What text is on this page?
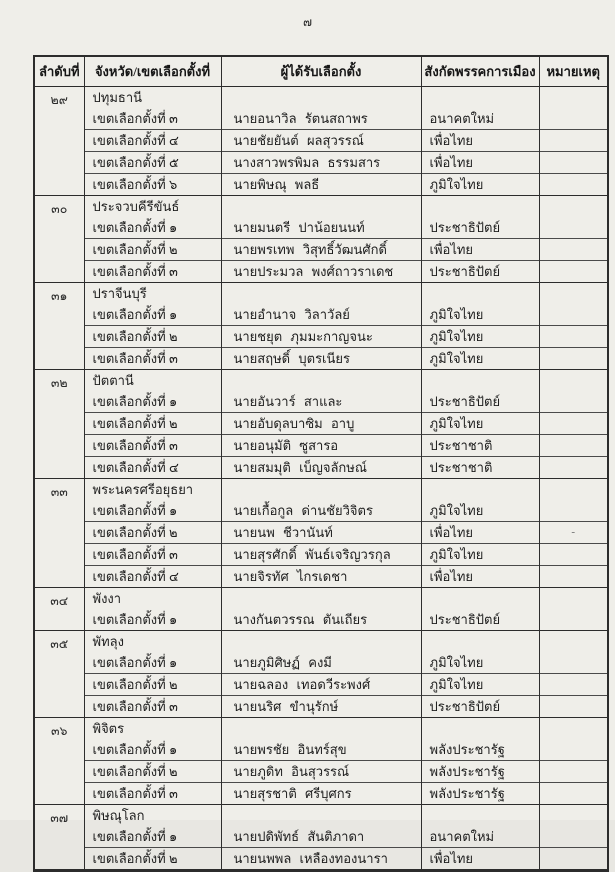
๗
ลำดับที่	จังหวัด/เขตเลือกตั้งที่	ผู้ได้รับเลือกตั้ง	สังกัดพรรคการเมือง	หมายเหตุ
๒๙	ปทุมธานี			
	เขตเลือกตั้งที่ ๓	นายอนาวิล รัตนสถาพร	อนาคตใหม่	
	เขตเลือกตั้งที่ ๔	นายชัยยันต์ ผลสุวรรณ์	เพื่อไทย	
	เขตเลือกตั้งที่ ๕	นางสาวพรพิมล ธรรมสาร	เพื่อไทย	
	เขตเลือกตั้งที่ ๖	นายพิษณุ พลธี	ภูมิใจไทย	
๓๐	ประจวบคีรีขันธ์			
	เขตเลือกตั้งที่ ๑	นายมนตรี ปาน้อยนนท์	ประชาธิปัตย์	
	เขตเลือกตั้งที่ ๒	นายพรเทพ วิสุทธิ์วัฒนศักดิ์	เพื่อไทย	
	เขตเลือกตั้งที่ ๓	นายประมวล พงศ์ถาวราเดช	ประชาธิปัตย์	
๓๑	ปราจีนบุรี			
	เขตเลือกตั้งที่ ๑	นายอำนาจ วิลาวัลย์	ภูมิใจไทย	
	เขตเลือกตั้งที่ ๒	นายชยุต ภุมมะกาญจนะ	ภูมิใจไทย	
	เขตเลือกตั้งที่ ๓	นายสฤษดิ์ บุตรเนียร	ภูมิใจไทย	
๓๒	ปัตตานี			
	เขตเลือกตั้งที่ ๑	นายอันวาร์ สาและ	ประชาธิปัตย์	
	เขตเลือกตั้งที่ ๒	นายอับดุลบาซิม อาบู	ภูมิใจไทย	
	เขตเลือกตั้งที่ ๓	นายอนุมัติ ซูสารอ	ประชาชาติ	
	เขตเลือกตั้งที่ ๔	นายสมมุติ เบ็ญจลักษณ์	ประชาชาติ	
๓๓	พระนครศรีอยุธยา			
	เขตเลือกตั้งที่ ๑	นายเกื้อกูล ด่านชัยวิจิตร	ภูมิใจไทย	
	เขตเลือกตั้งที่ ๒	นายนพ ชีวานันท์	เพื่อไทย	-
	เขตเลือกตั้งที่ ๓	นายสุรศักดิ์ พันธ์เจริญวรกุล	ภูมิใจไทย	
	เขตเลือกตั้งที่ ๔	นายจิรทัศ ไกรเดชา	เพื่อไทย	
๓๔	พังงา			
	เขตเลือกตั้งที่ ๑	นางกันตวรรณ ตันเถียร	ประชาธิปัตย์	
๓๕	พัทลุง			
	เขตเลือกตั้งที่ ๑	นายภูมิศิษฏ์ คงมี	ภูมิใจไทย	
	เขตเลือกตั้งที่ ๒	นายฉลอง เทอดวีระพงศ์	ภูมิใจไทย	
	เขตเลือกตั้งที่ ๓	นายนริศ ขำนุรักษ์	ประชาธิปัตย์	
๓๖	พิจิตร			
	เขตเลือกตั้งที่ ๑	นายพรชัย อินทร์สุข	พลังประชารัฐ	
	เขตเลือกตั้งที่ ๒	นายภูดิท อินสุวรรณ์	พลังประชารัฐ	
	เขตเลือกตั้งที่ ๓	นายสุรชาติ ศรีบุศกร	พลังประชารัฐ	
๓๗	พิษณุโลก			
	เขตเลือกตั้งที่ ๑	นายปดิพัทธ์ สันติภาดา	อนาคตใหม่	
	เขตเลือกตั้งที่ ๒	นายนพพล เหลืองทองนารา	เพื่อไทย	
